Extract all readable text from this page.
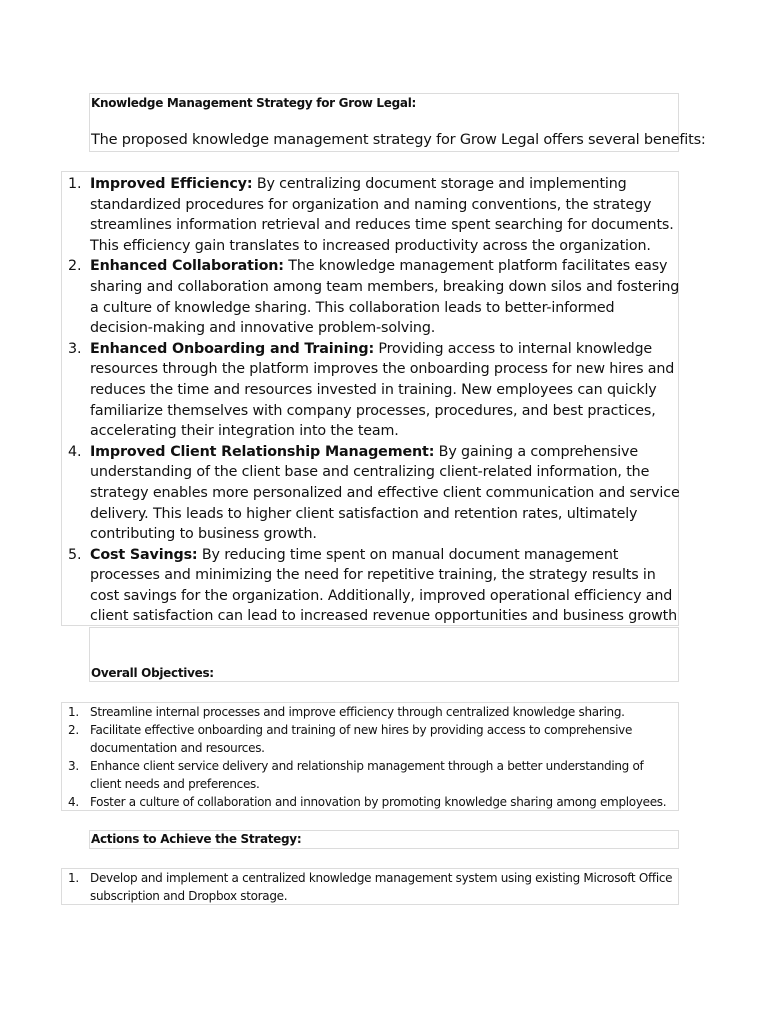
Knowledge Management Strategy for Grow Legal:
The proposed knowledge management strategy for Grow Legal offers several benefits:
1. Improved Efficiency: By centralizing document storage and implementing standardized procedures for organization and naming conventions, the strategy streamlines information retrieval and reduces time spent searching for documents. This efficiency gain translates to increased productivity across the organization.
2. Enhanced Collaboration: The knowledge management platform facilitates easy sharing and collaboration among team members, breaking down silos and fostering a culture of knowledge sharing. This collaboration leads to better-informed decision-making and innovative problem-solving.
3. Enhanced Onboarding and Training: Providing access to internal knowledge resources through the platform improves the onboarding process for new hires and reduces the time and resources invested in training. New employees can quickly familiarize themselves with company processes, procedures, and best practices, accelerating their integration into the team.
4. Improved Client Relationship Management: By gaining a comprehensive understanding of the client base and centralizing client-related information, the strategy enables more personalized and effective client communication and service delivery. This leads to higher client satisfaction and retention rates, ultimately contributing to business growth.
5. Cost Savings: By reducing time spent on manual document management processes and minimizing the need for repetitive training, the strategy results in cost savings for the organization. Additionally, improved operational efficiency and client satisfaction can lead to increased revenue opportunities and business growth
Overall Objectives:
1. Streamline internal processes and improve efficiency through centralized knowledge sharing.
2. Facilitate effective onboarding and training of new hires by providing access to comprehensive documentation and resources.
3. Enhance client service delivery and relationship management through a better understanding of client needs and preferences.
4. Foster a culture of collaboration and innovation by promoting knowledge sharing among employees.
Actions to Achieve the Strategy:
1. Develop and implement a centralized knowledge management system using existing Microsoft Office subscription and Dropbox storage.
